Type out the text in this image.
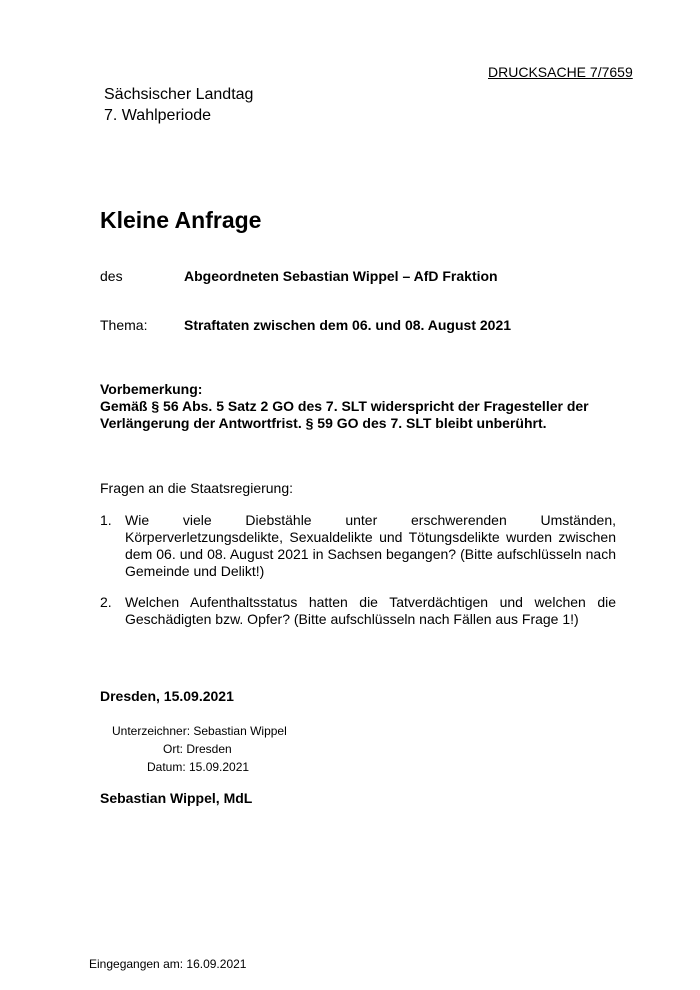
DRUCKSACHE 7/7659
Sächsischer Landtag
7. Wahlperiode
Kleine Anfrage
des	Abgeordneten Sebastian Wippel – AfD Fraktion
Thema:	Straftaten zwischen dem 06. und 08. August 2021
Vorbemerkung:
Gemäß § 56 Abs. 5 Satz 2 GO des 7. SLT widerspricht der Fragesteller der Verlängerung der Antwortfrist. § 59 GO des 7. SLT bleibt unberührt.
Fragen an die Staatsregierung:
1. Wie viele Diebstähle unter erschwerenden Umständen, Körperverletzungsdelikte, Sexualdelikte und Tötungsdelikte wurden zwischen dem 06. und 08. August 2021 in Sachsen begangen? (Bitte aufschlüsseln nach Gemeinde und Delikt!)
2. Welchen Aufenthaltsstatus hatten die Tatverdächtigen und welchen die Geschädigten bzw. Opfer? (Bitte aufschlüsseln nach Fällen aus Frage 1!)
Dresden, 15.09.2021
Unterzeichner: Sebastian Wippel
Ort: Dresden
Datum: 15.09.2021
Sebastian Wippel, MdL
Eingegangen am: 16.09.2021
